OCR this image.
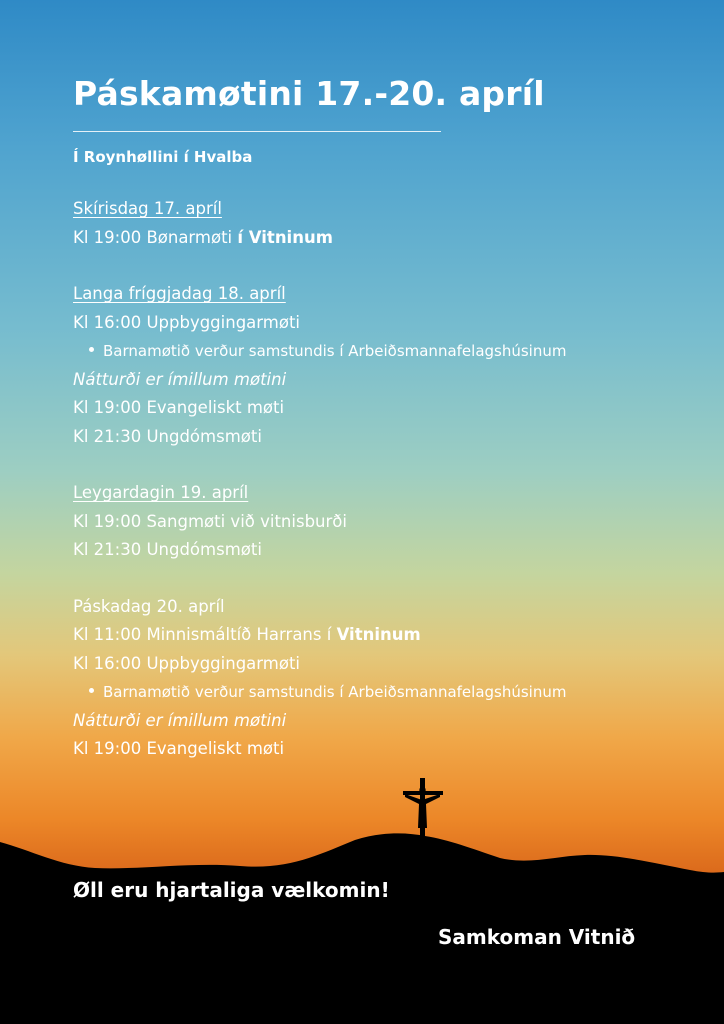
Páskamøtini 17.-20. apríl
Í Roynhøllini í Hvalba
Skírisdag 17. apríl
Kl 19:00 Bønarmøti í Vitninum
Langa fríggjadag 18. apríl
Kl 16:00 Uppbyggingarmøti
Barnamøtið verður samstundis í Arbeiðsmannafelagshúsinum
Nátturði er ímillum møtini
Kl 19:00 Evangeliskt møti
Kl 21:30 Ungdómsmøti
Leygardagin 19. apríl
Kl 19:00 Sangmøti við vitnisburði
Kl 21:30 Ungdómsmøti
Páskadag 20. apríl
Kl 11:00 Minnismáltíð Harrans í Vitninum
Kl 16:00 Uppbyggingarmøti
Barnamøtið verður samstundis í Arbeiðsmannafelagshúsinum
Nátturði er ímillum møtini
Kl 19:00 Evangeliskt møti
Øll eru hjartaliga vælkomin!
Samkoman Vitnið
